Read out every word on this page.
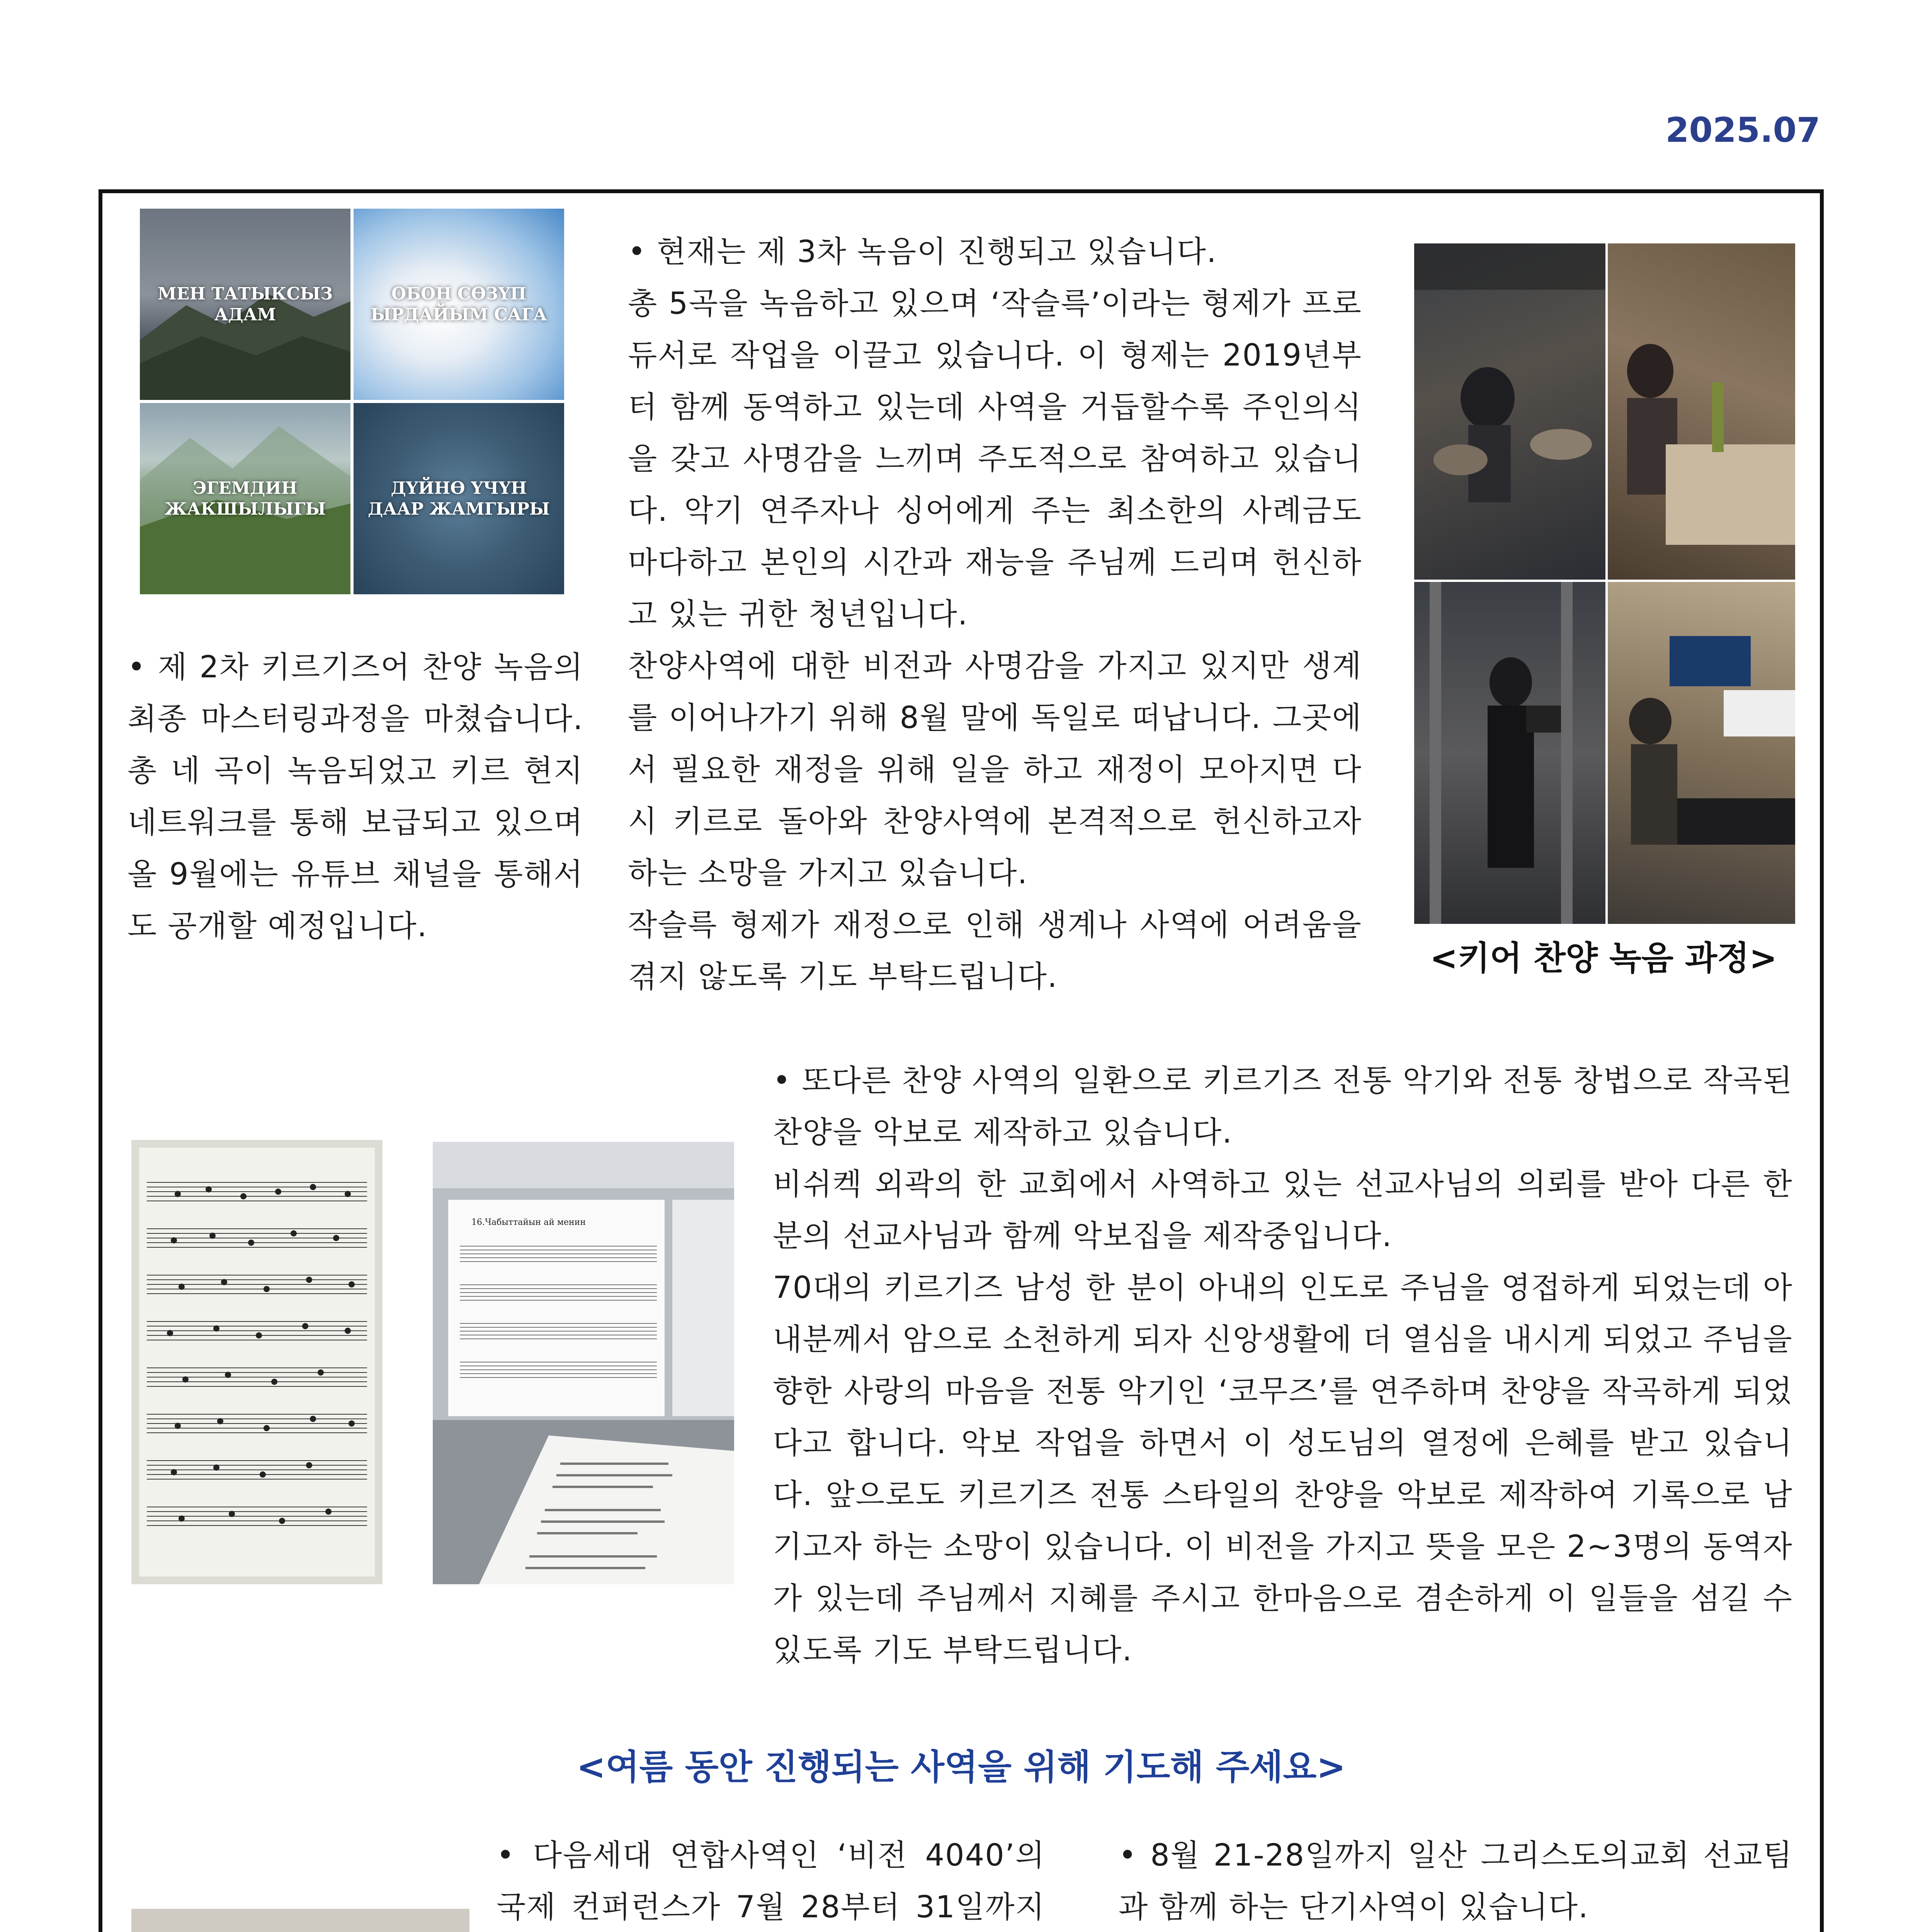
2025.07
МЕН ТАТЫКСЫЗ АДАМ
ОБОН СӨЗҮП ЫРДАЙЫМ САГА
ЭГЕМДИН ЖАКШЫЛЫГЫ
ДҮЙНӨ ҮЧҮН ДААР ЖАМГЫРЫ

• 제 2차 키르기즈어 찬양 녹음의 최종 마스터링과정을 마쳤습니다. 총 네 곡이 녹음되었고 키르 현지 네트워크를 통해 보급되고 있으며 올 9월에는 유튜브 채널을 통해서도 공개할 예정입니다.

• 현재는 제 3차 녹음이 진행되고 있습니다.

총 5곡을 녹음하고 있으며 ‘작슬륵’이라는 형제가 프로듀서로 작업을 이끌고 있습니다. 이 형제는 2019년부터 함께 동역하고 있는데 사역을 거듭할수록 주인의식을 갖고 사명감을 느끼며 주도적으로 참여하고 있습니다. 악기 연주자나 싱어에게 주는 최소한의 사례금도 마다하고 본인의 시간과 재능을 주님께 드리며 헌신하고 있는 귀한 청년입니다.

찬양사역에 대한 비전과 사명감을 가지고 있지만 생계를 이어나가기 위해 8월 말에 독일로 떠납니다. 그곳에서 필요한 재정을 위해 일을 하고 재정이 모아지면 다시 키르로 돌아와 찬양사역에 본격적으로 헌신하고자 하는 소망을 가지고 있습니다.

작슬륵 형제가 재정으로 인해 생계나 사역에 어려움을 겪지 않도록 기도 부탁드립니다.	<키어 찬양 녹음 과정>
16.Чабыттайын ай менин

• 또다른 찬양 사역의 일환으로 키르기즈 전통 악기와 전통 창법으로 작곡된 찬양을 악보로 제작하고 있습니다.

비쉬켁 외곽의 한 교회에서 사역하고 있는 선교사님의 의뢰를 받아 다른 한 분의 선교사님과 함께 악보집을 제작중입니다.

70대의 키르기즈 남성 한 분이 아내의 인도로 주님을 영접하게 되었는데 아내분께서 암으로 소천하게 되자 신앙생활에 더 열심을 내시게 되었고 주님을 향한 사랑의 마음을 전통 악기인 ‘코무즈’를 연주하며 찬양을 작곡하게 되었다고 합니다. 악보 작업을 하면서 이 성도님의 열정에 은혜를 받고 있습니다. 앞으로도 키르기즈 전통 스타일의 찬양을 악보로 제작하여 기록으로 남기고자 하는 소망이 있습니다. 이 비전을 가지고 뜻을 모은 2~3명의 동역자가 있는데 주님께서 지혜를 주시고 한마음으로 겸손하게 이 일들을 섬길 수 있도록 기도 부탁드립니다.

<여름 동안 진행되는 사역을 위해 기도해 주세요>

• 다음세대 연합사역인 ‘비전 4040’의 국제 컨퍼런스가 7월 28부터 31일까지

• 8월 21-28일까지 일산 그리스도의교회 선교팀과 함께 하는 단기사역이 있습니다.
